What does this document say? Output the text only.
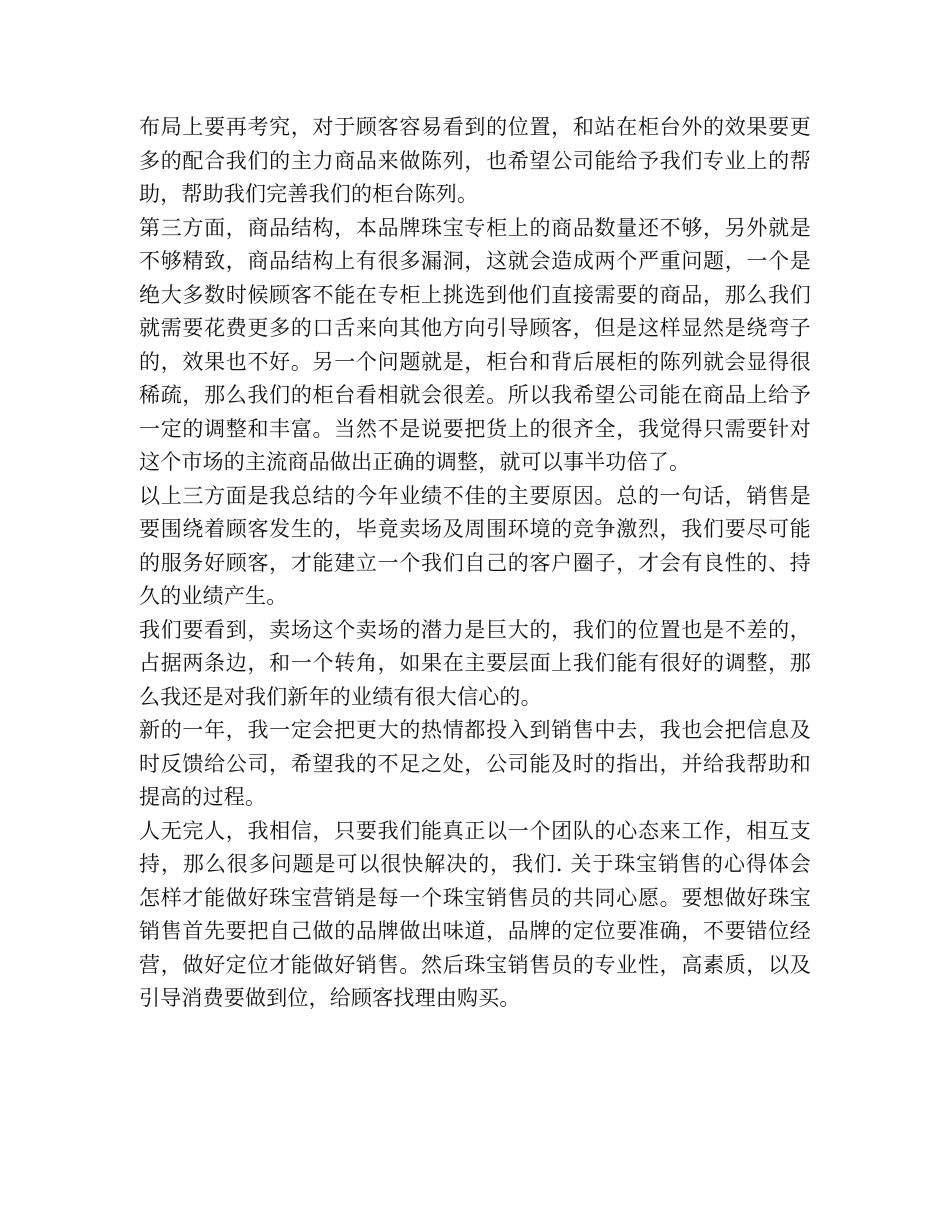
布局上要再考究，对于顾客容易看到的位置，和站在柜台外的效果要更
多的配合我们的主力商品来做陈列，也希望公司能给予我们专业上的帮
助，帮助我们完善我们的柜台陈列。
第三方面，商品结构，本品牌珠宝专柜上的商品数量还不够，另外就是
不够精致，商品结构上有很多漏洞，这就会造成两个严重问题，一个是
绝大多数时候顾客不能在专柜上挑选到他们直接需要的商品，那么我们
就需要花费更多的口舌来向其他方向引导顾客，但是这样显然是绕弯子
的，效果也不好。另一个问题就是，柜台和背后展柜的陈列就会显得很
稀疏，那么我们的柜台看相就会很差。所以我希望公司能在商品上给予
一定的调整和丰富。当然不是说要把货上的很齐全，我觉得只需要针对
这个市场的主流商品做出正确的调整，就可以事半功倍了。
以上三方面是我总结的今年业绩不佳的主要原因。总的一句话，销售是
要围绕着顾客发生的，毕竟卖场及周围环境的竞争激烈，我们要尽可能
的服务好顾客，才能建立一个我们自己的客户圈子，才会有良性的、持
久的业绩产生。
我们要看到，卖场这个卖场的潜力是巨大的，我们的位置也是不差的，
占据两条边，和一个转角，如果在主要层面上我们能有很好的调整，那
么我还是对我们新年的业绩有很大信心的。
新的一年，我一定会把更大的热情都投入到销售中去，我也会把信息及
时反馈给公司，希望我的不足之处，公司能及时的指出，并给我帮助和
提高的过程。
人无完人，我相信，只要我们能真正以一个团队的心态来工作，相互支
持，那么很多问题是可以很快解决的，我们. 关于珠宝销售的心得体会
怎样才能做好珠宝营销是每一个珠宝销售员的共同心愿。要想做好珠宝
销售首先要把自己做的品牌做出味道，品牌的定位要准确，不要错位经
营，做好定位才能做好销售。然后珠宝销售员的专业性，高素质，以及
引导消费要做到位，给顾客找理由购买。
